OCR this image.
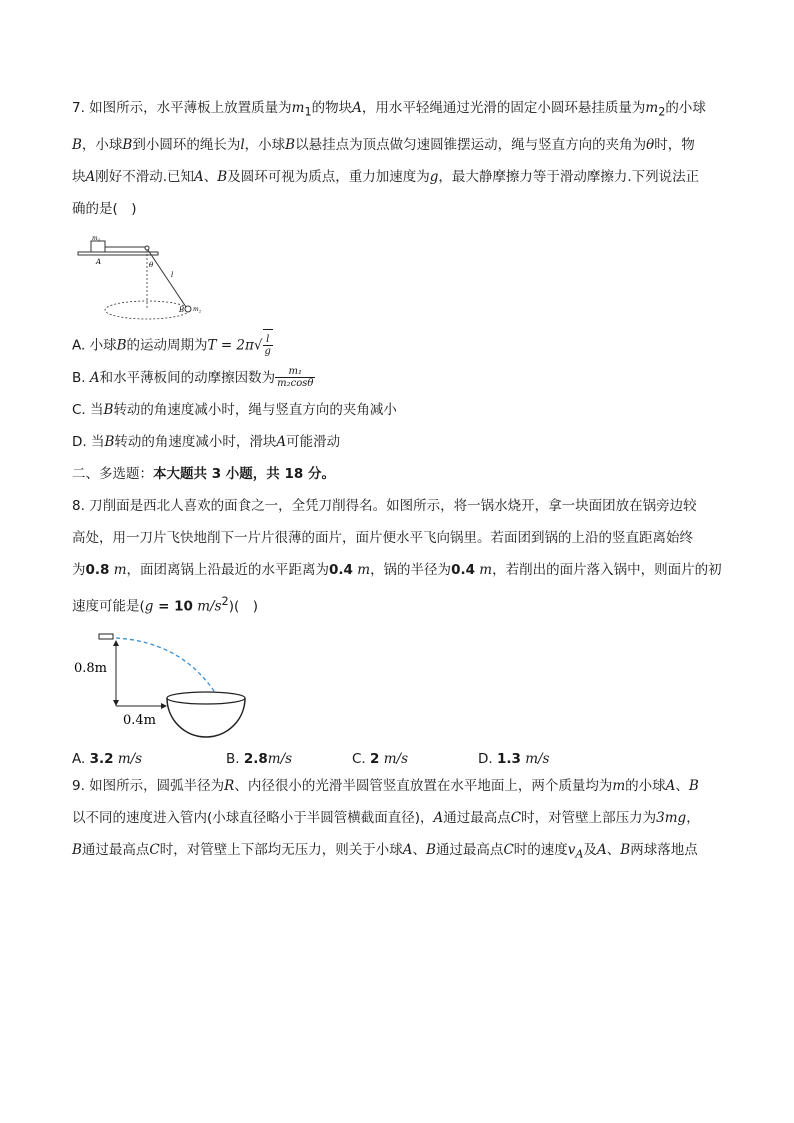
7. 如图所示，水平薄板上放置质量为$m_1$的物块A，用水平轻绳通过光滑的固定小圆环悬挂质量为$m_2$的小球

B，小球B到小圆环的绳长为l，小球B以悬挂点为顶点做匀速圆锥摆运动，绳与竖直方向的夹角为θ时，物

块A刚好不滑动.已知A、B及圆环可视为质点，重力加速度为g，最大静摩擦力等于滑动摩擦力.下列说法正

确的是(　)

$m_1$
A	θ
l
B $m_2$

A. 小球B的运动周期为$T = 2\pi√ \frac{l}{g}$

B. A和水平薄板间的动摩擦因数为 $\frac{\text{m₁}}{\text{m₂cosθ}}$

C. 当B转动的角速度减小时，绳与竖直方向的夹角减小

D. 当B转动的角速度减小时，滑块A可能滑动

二、多选题：本大题共 3 小题，共 18 分。

8. 刀削面是西北人喜欢的面食之一，全凭刀削得名。如图所示，将一锅水烧开，拿一块面团放在锅旁边较

高处，用一刀片飞快地削下一片片很薄的面片，面片便水平飞向锅里。若面团到锅的上沿的竖直距离始终

为0.8 m，面团离锅上沿最近的水平距离为0.4 m，锅的半径为0.4 m，若削出的面片落入锅中，则面片的初

速度可能是(g = 10 $m/s^2$)(　)

0.8m
0.4m
A. 3.2 m/s	B. 2.8m/s	C. 2 m/s	D. 1.3 m/s

9. 如图所示，圆弧半径为R、内径很小的光滑半圆管竖直放置在水平地面上，两个质量均为m的小球A、B

以不同的速度进入管内(小球直径略小于半圆管横截面直径)，A通过最高点C时，对管壁上部压力为3mg，

B通过最高点C时，对管壁上下部均无压力，则关于小球A、B通过最高点C时的速度$v_A$及A、B两球落地点
